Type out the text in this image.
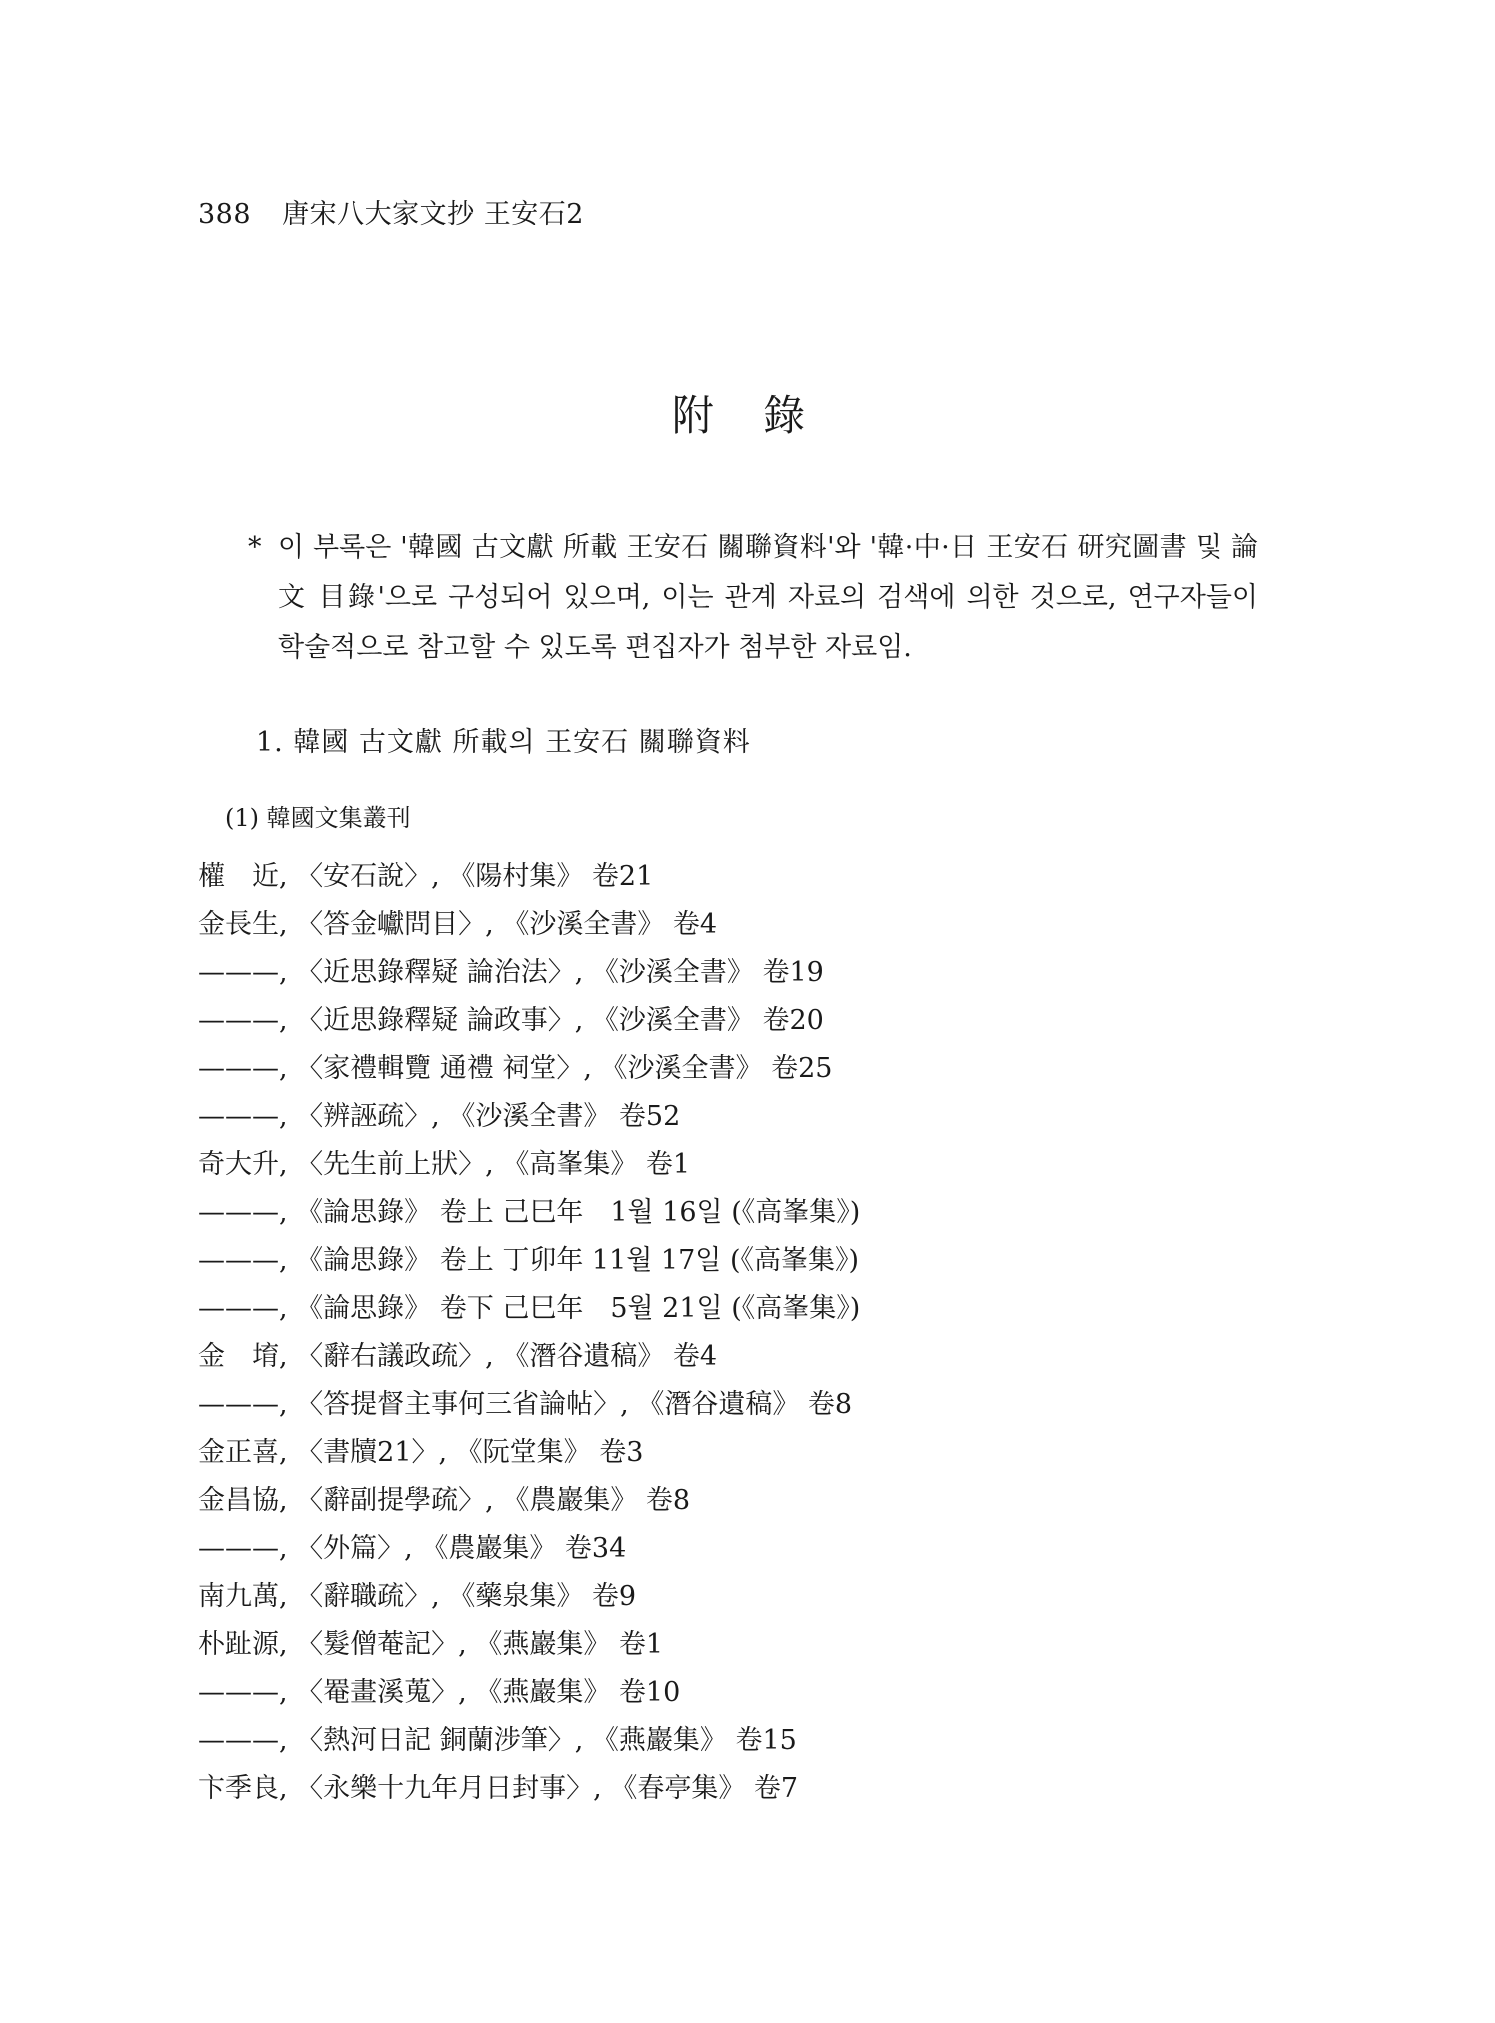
388 唐宋八大家文抄 王安石2
附 錄
* 이 부록은 '韓國 古文獻 所載 王安石 關聯資料'와 '韓·中·日 王安石 研究圖書 및 論文 目錄'으로 구성되어 있으며, 이는 관계 자료의 검색에 의한 것으로, 연구자들이 학술적으로 참고할 수 있도록 편집자가 첨부한 자료임.
1. 韓國 古文獻 所載의 王安石 關聯資料
(1) 韓國文集叢刊
權　近, 〈安石說〉, 《陽村集》 卷21
金長生, 〈答金巘問目〉, 《沙溪全書》 卷4
———, 〈近思錄釋疑 論治法〉, 《沙溪全書》 卷19
———, 〈近思錄釋疑 論政事〉, 《沙溪全書》 卷20
———, 〈家禮輯覽 通禮 祠堂〉, 《沙溪全書》 卷25
———, 〈辨誣疏〉, 《沙溪全書》 卷52
奇大升, 〈先生前上狀〉, 《高峯集》 卷1
———, 《論思錄》 卷上 己巳年　1월 16일 (《高峯集》)
———, 《論思錄》 卷上 丁卯年 11월 17일 (《高峯集》)
———, 《論思錄》 卷下 己巳年　5월 21일 (《高峯集》)
金　堉, 〈辭右議政疏〉, 《潛谷遺稿》 卷4
———, 〈答提督主事何三省論帖〉, 《潛谷遺稿》 卷8
金正喜, 〈書牘21〉, 《阮堂集》 卷3
金昌協, 〈辭副提學疏〉, 《農巖集》 卷8
———, 〈外篇〉, 《農巖集》 卷34
南九萬, 〈辭職疏〉, 《藥泉集》 卷9
朴趾源, 〈髮僧菴記〉, 《燕巖集》 卷1
———, 〈罨畫溪蒐〉, 《燕巖集》 卷10
———, 〈熱河日記 銅蘭涉筆〉, 《燕巖集》 卷15
卞季良, 〈永樂十九年月日封事〉, 《春亭集》 卷7
